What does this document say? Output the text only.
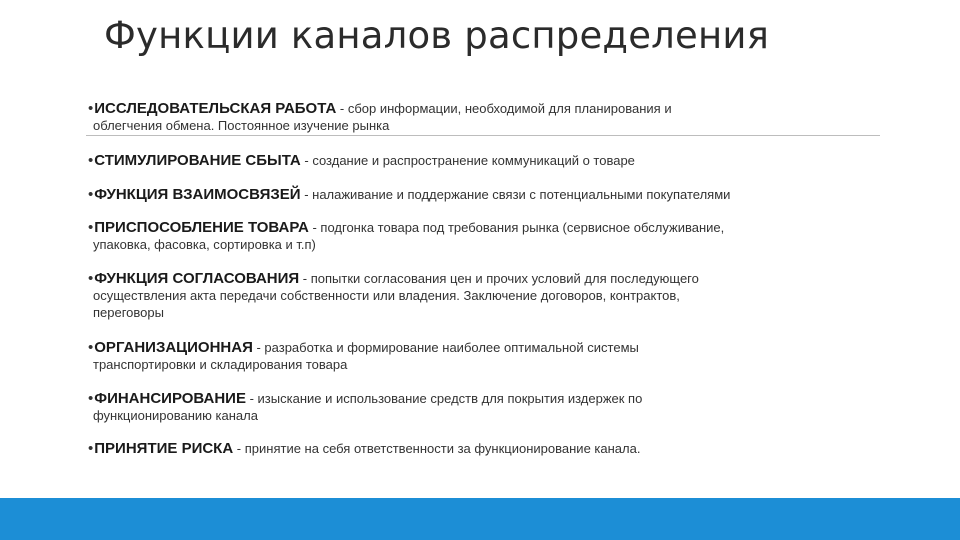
Функции каналов распределения
•ИССЛЕДОВАТЕЛЬСКАЯ РАБОТА - сбор информации, необходимой для планирования и
облегчения обмена. Постоянное изучение рынка
•СТИМУЛИРОВАНИЕ СБЫТА - создание и распространение коммуникаций о товаре
•ФУНКЦИЯ ВЗАИМОСВЯЗЕЙ - налаживание и поддержание связи с потенциальными покупателями
•ПРИСПОСОБЛЕНИЕ ТОВАРА - подгонка товара под требования рынка (сервисное обслуживание,
упаковка, фасовка, сортировка и т.п)
•ФУНКЦИЯ СОГЛАСОВАНИЯ - попытки согласования цен и прочих условий для последующего
осуществления акта передачи собственности или владения. Заключение договоров, контрактов,
переговоры
•ОРГАНИЗАЦИОННАЯ - разработка и формирование наиболее оптимальной системы
транспортировки и складирования товара
•ФИНАНСИРОВАНИЕ - изыскание и использование средств для покрытия издержек по
функционированию канала
•ПРИНЯТИЕ РИСКА - принятие на себя ответственности за функционирование канала.
